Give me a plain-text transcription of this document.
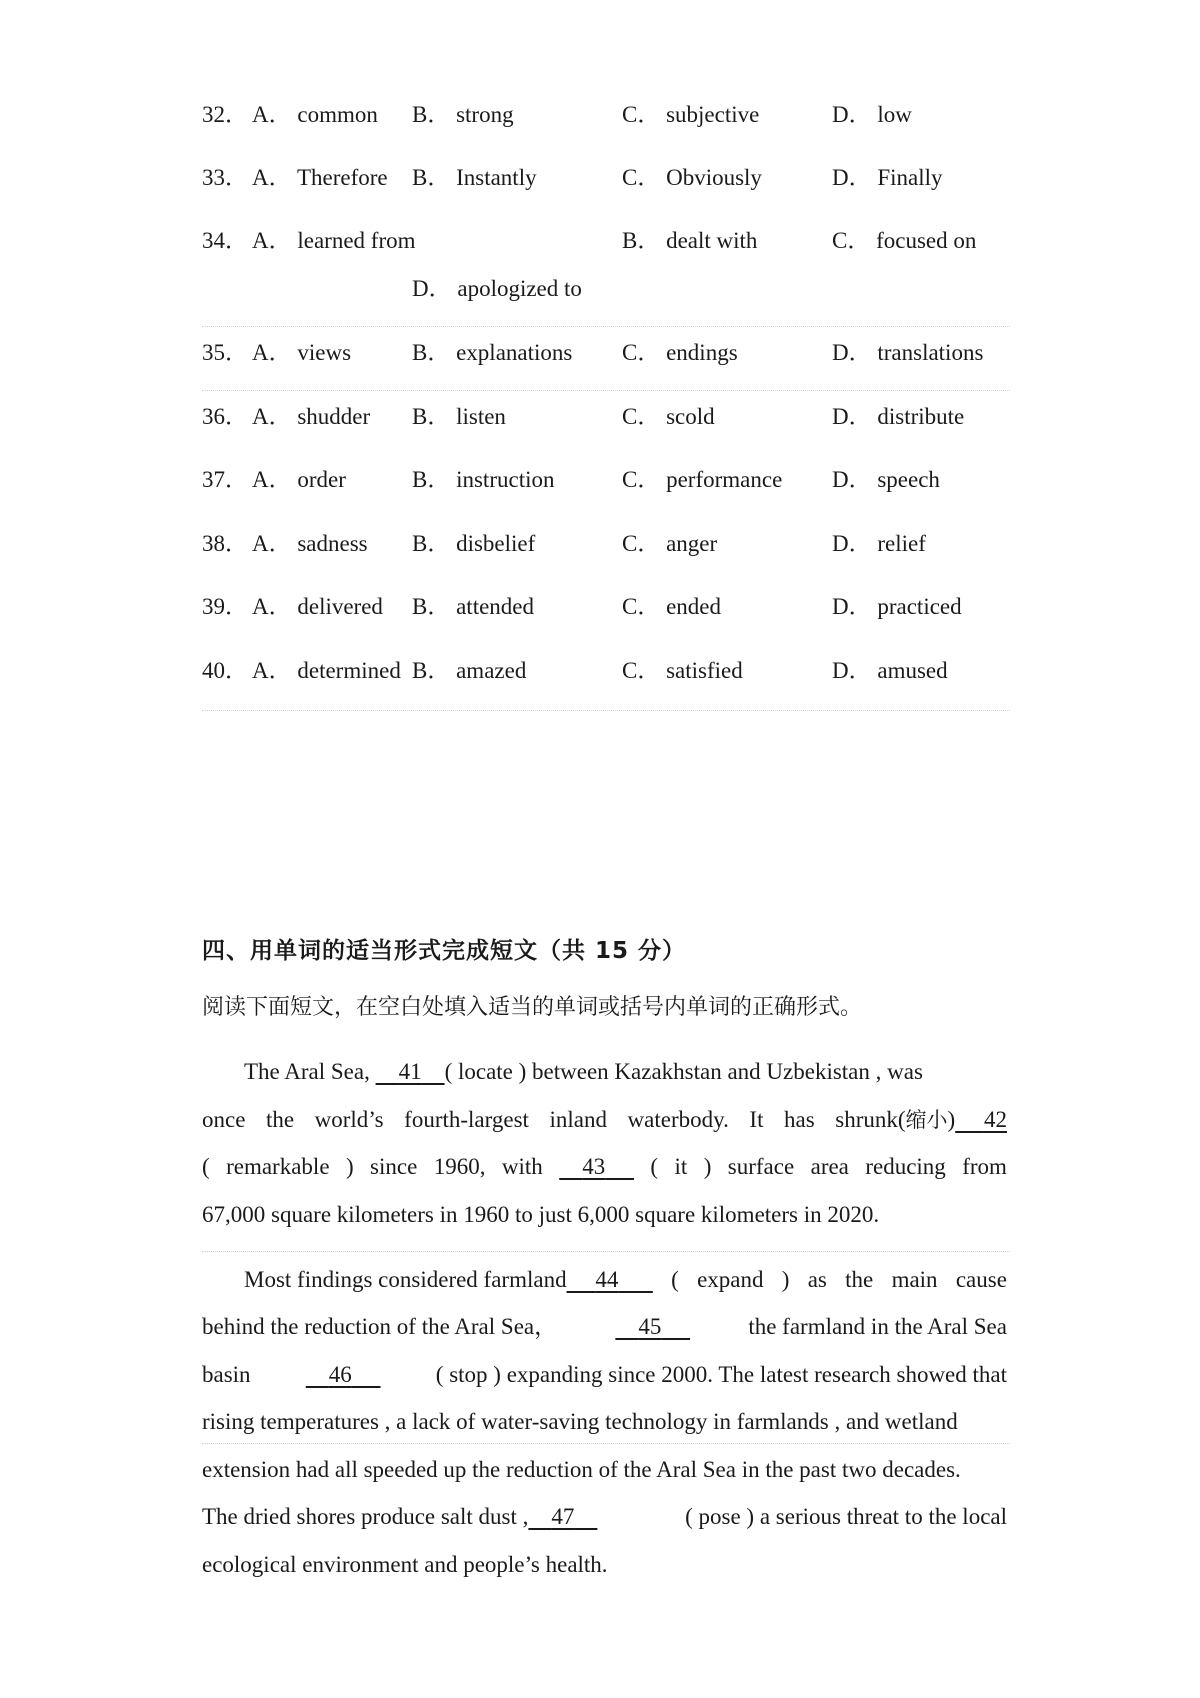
32． A． common B． strong	C． subjective	D． low
33． A． Therefore B． Instantly	C． Obviously	D． Finally
34． A． learned from	B． dealt with	C． focused on
D． apologized to
35． A． views	B． explanations C． endings	D． translations
36． A． shudder B． listen	C． scold	D． distribute
37． A． order	B． instruction	C． performance D． speech
38． A． sadness B． disbelief	C． anger	D． relief
39． A． delivered B． attended	C． ended	D． practiced
40． A． determined B． amazed	C． satisfied	D． amused
四、用单词的适当形式完成短文（共 15 分）
阅读下面短文，在空白处填入适当的单词或括号内单词的正确形式。
The Aral Sea,     41 ( locate ) between Kazakhstan and Uzbekistan , was
once the world’s fourth-largest inland waterbody. It has shrunk(缩小) 42
( remarkable ) since 1960, with	43	( it ) surface area reducing from
67,000 square kilometers in 1960 to just 6,000 square kilometers in 2020.
Most findings considered farmland 44	( expand ) as the main cause
behind the reduction of the Aral Sea，	45	the farmland in the Aral Sea
basin	46	( stop ) expanding since 2000. The latest research showed that
rising temperatures , a lack of water-saving technology in farmlands , and wetland
extension had all speeded up the reduction of the Aral Sea in the past two decades.
The dried shores produce salt dust , 47	( pose ) a serious threat to the local
ecological environment and people’s health.
